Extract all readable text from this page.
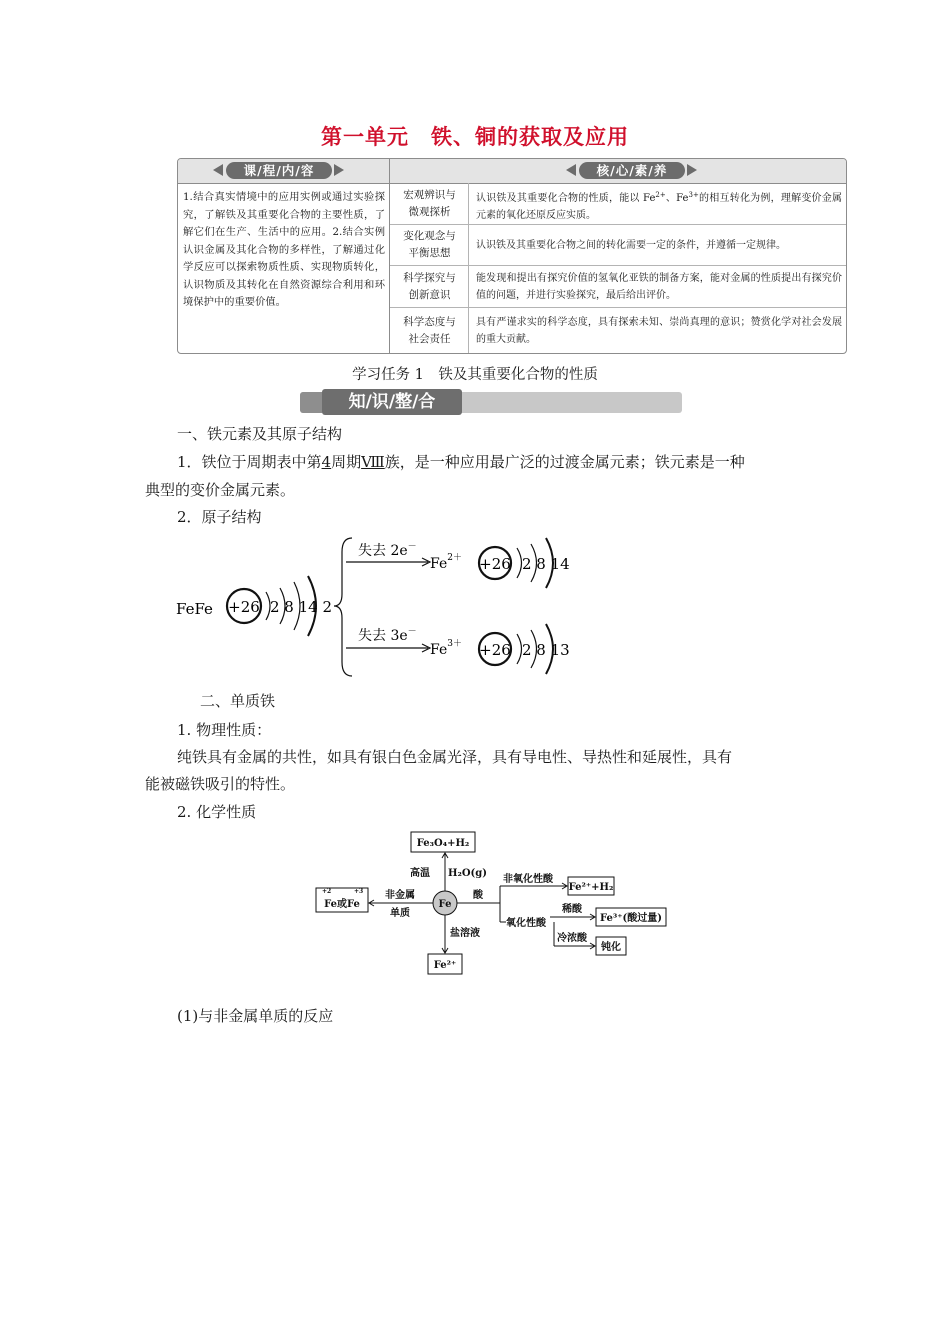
第一单元　铁、铜的获取及应用
课/程/内/容	核/心/素/养
1.结合真实情境中的应用实例或通过实验探究，了解铁及其重要化合物的主要性质，了解它们在生产、生活中的应用。2.结合实例认识金属及其化合物的多样性，了解通过化学反应可以探索物质性质、实现物质转化，认识物质及其转化在自然资源综合利用和环境保护中的重要价值。
宏观辨识与
微观探析
认识铁及其重要化合物的性质，能以 $Fe^{2+}$、$Fe^{3+}$的相互转化为例，理解变价金属元素的氧化还原反应实质。
变化观念与
平衡思想
认识铁及其重要化合物之间的转化需要一定的条件，并遵循一定规律。
科学探究与
创新意识
能发现和提出有探究价值的氢氧化亚铁的制备方案，能对金属的性质提出有探究价值的问题，并进行实验探究，最后给出评价。
科学态度与
社会责任
具有严谨求实的科学态度，具有探索未知、崇尚真理的意识；赞赏化学对社会发展的重大贡献。
学习任务 1　铁及其重要化合物的性质
知/识/整/合
一、铁元素及其原子结构
1．铁位于周期表中第4周期Ⅷ族，是一种应用最广泛的过渡金属元素；铁元素是一种
典型的变价金属元素。
2．原子结构
FeFe +26 2 8 14 2
失去 2e－
$Fe^{2+} +26$ 2 8 14
失去 3e－
$Fe^{3+} +26$ 2 8 13
二、单质铁
1. 物理性质：
纯铁具有金属的共性，如具有银白色金属光泽，具有导电性、导热性和延展性，具有
能被磁铁吸引的特性。
2. 化学性质
Fe
Fe₃O₄+H₂
高温 H₂O(g)
+2	+3
Fe或Fe
非金属
单质
盐溶液
Fe²⁺
酸
非氧化性酸
Fe²⁺+H₂
氧化性酸
稀酸
Fe³⁺(酸过量)
冷浓酸
钝化
(1)与非金属单质的反应
